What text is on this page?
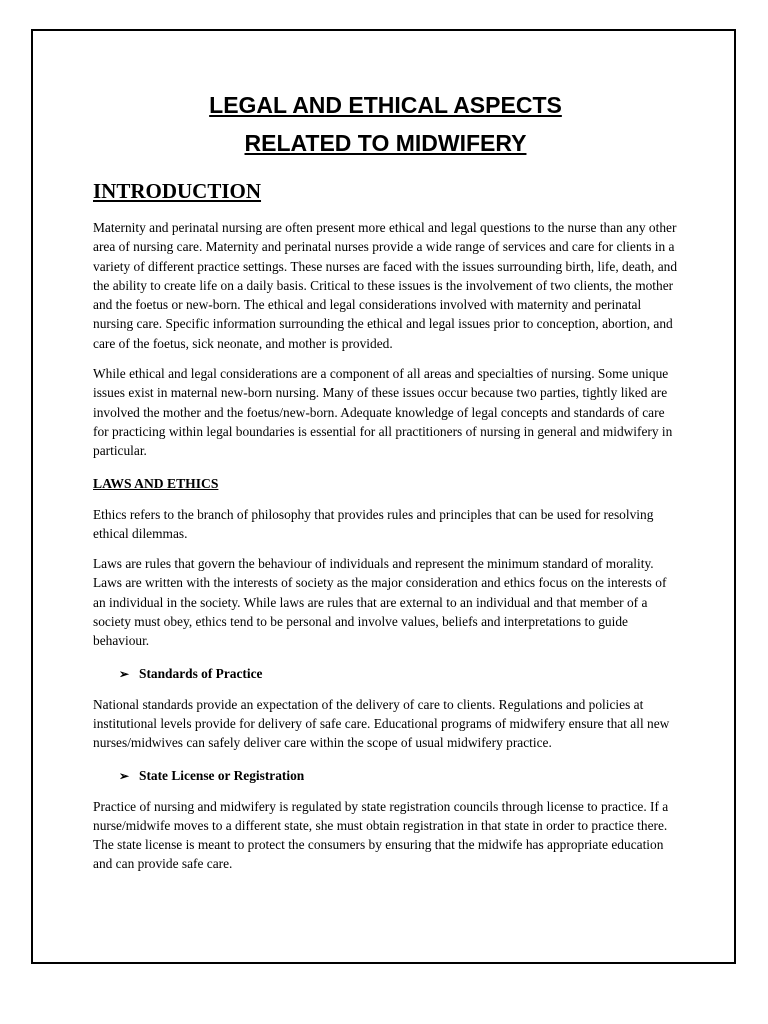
LEGAL AND ETHICAL ASPECTS
RELATED TO MIDWIFERY
INTRODUCTION

Maternity and perinatal nursing are often present more ethical and legal questions to the nurse than any other area of nursing care. Maternity and perinatal nurses provide a wide range of services and care for clients in a variety of different practice settings. These nurses are faced with the issues surrounding birth, life, death, and the ability to create life on a daily basis. Critical to these issues is the involvement of two clients, the mother and the foetus or new-born. The ethical and legal considerations involved with maternity and perinatal nursing care. Specific information surrounding the ethical and legal issues prior to conception, abortion, and care of the foetus, sick neonate, and mother is provided.

While ethical and legal considerations are a component of all areas and specialties of nursing. Some unique issues exist in maternal new-born nursing. Many of these issues occur because two parties, tightly liked are involved the mother and the foetus/new-born. Adequate knowledge of legal concepts and standards of care for practicing within legal boundaries is essential for all practitioners of nursing in general and midwifery in particular.

LAWS AND ETHICS

Ethics refers to the branch of philosophy that provides rules and principles that can be used for resolving ethical dilemmas.

Laws are rules that govern the behaviour of individuals and represent the minimum standard of morality. Laws are written with the interests of society as the major consideration and ethics focus on the interests of an individual in the society. While laws are rules that are external to an individual and that member of a society must obey, ethics tend to be personal and involve values, beliefs and interpretations to guide behaviour.

➢ Standards of Practice

National standards provide an expectation of the delivery of care to clients. Regulations and policies at institutional levels provide for delivery of safe care. Educational programs of midwifery ensure that all new nurses/midwives can safely deliver care within the scope of usual midwifery practice.

➢ State License or Registration

Practice of nursing and midwifery is regulated by state registration councils through license to practice. If a nurse/midwife moves to a different state, she must obtain registration in that state in order to practice there. The state license is meant to protect the consumers by ensuring that the midwife has appropriate education and can provide safe care.
